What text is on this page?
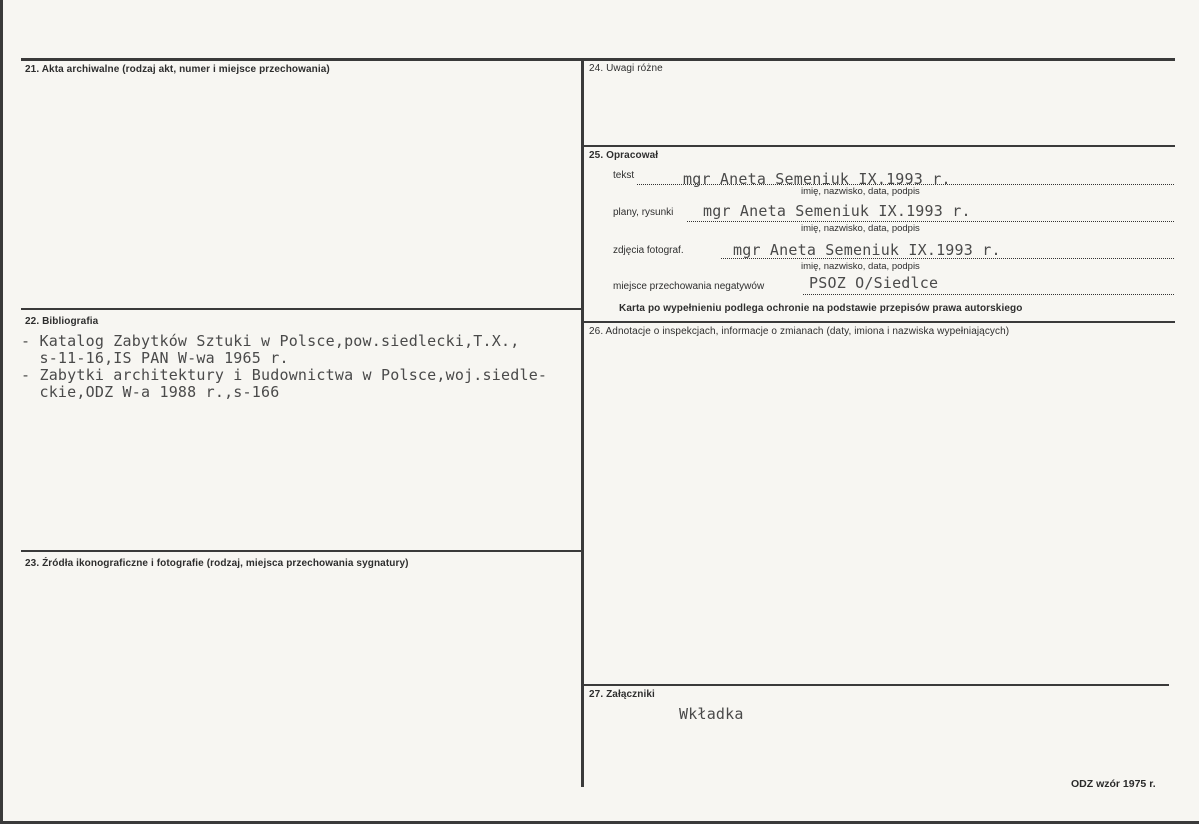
21. Akta archiwalne (rodzaj akt, numer i miejsce przechowania)
22. Bibliografia
- Katalog Zabytków Sztuki w Polsce,pow.siedlecki,T.X.,
s-11-16,IS PAN W-wa 1965 r.
- Zabytki architektury i Budownictwa w Polsce,woj.siedle-
ckie,ODZ W-a 1988 r.,s-166
23. Źródła ikonograficzne i fotografie (rodzaj, miejsca przechowania sygnatury)
24. Uwagi różne
25. Opracował
tekst	mgr Aneta Semeniuk IX.1993 r.
imię, nazwisko, data, podpis
plany, rysunki mgr Aneta Semeniuk IX.1993 r.
imię, nazwisko, data, podpis
zdjęcia fotograf.	mgr Aneta Semeniuk IX.1993 r.
imię, nazwisko, data, podpis
miejsce przechowania negatywów	PSOZ O/Siedlce
Karta po wypełnieniu podlega ochronie na podstawie przepisów prawa autorskiego
26. Adnotacje o inspekcjach, informacje o zmianach (daty, imiona i nazwiska wypełniających)
27. Załączniki
Wkładka
ODZ wzór 1975 r.
